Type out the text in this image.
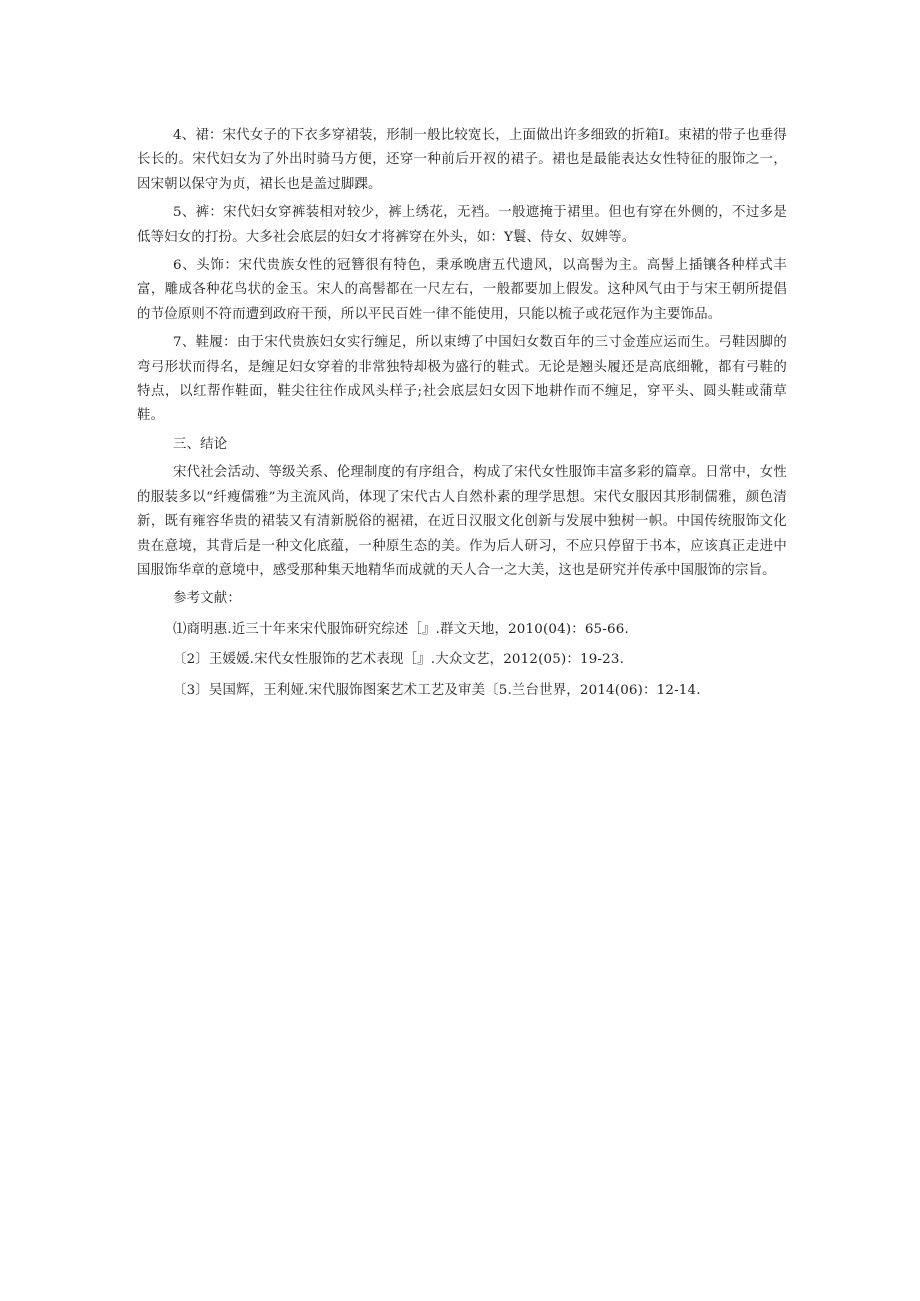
4、裙：宋代女子的下衣多穿裙装，形制一般比较宽长，上面做出许多细致的折箱Ⅰ。束裙的带子也垂得长长的。宋代妇女为了外出时骑马方便，还穿一种前后开衩的裙子。裙也是最能表达女性特征的服饰之一，因宋朝以保守为贞，裙长也是盖过脚踝。

5、裤：宋代妇女穿裤装相对较少，裤上绣花，无裆。一般遮掩于裙里。但也有穿在外侧的，不过多是低等妇女的打扮。大多社会底层的妇女才将裤穿在外头，如：Y鬟、侍女、奴婢等。

6、头饰：宋代贵族女性的冠簪很有特色，秉承晚唐五代遗风，以高髻为主。高髻上插镶各种样式丰富，雕成各种花鸟状的金玉。宋人的高髻都在一尺左右，一般都要加上假发。这种风气由于与宋王朝所提倡的节俭原则不符而遭到政府干预，所以平民百姓一律不能使用，只能以梳子或花冠作为主要饰品。

7、鞋履：由于宋代贵族妇女实行缠足，所以束缚了中国妇女数百年的三寸金莲应运而生。弓鞋因脚的弯弓形状而得名，是缠足妇女穿着的非常独特却极为盛行的鞋式。无论是翘头履还是高底细靴，都有弓鞋的特点，以红帮作鞋面，鞋尖往往作成风头样子;社会底层妇女因下地耕作而不缠足，穿平头、圆头鞋或蒲草鞋。

三、结论

宋代社会活动、等级关系、伦理制度的有序组合，构成了宋代女性服饰丰富多彩的篇章。日常中，女性的服装多以“纤瘦儒雅”为主流风尚，体现了宋代古人自然朴素的理学思想。宋代女服因其形制儒雅，颜色清新，既有雍容华贵的裙装又有清新脱俗的裾裙，在近日汉服文化创新与发展中独树一帜。中国传统服饰文化贵在意境，其背后是一种文化底蕴，一种原生态的美。作为后人研习，不应只停留于书本，应该真正走进中国服饰华章的意境中，感受那种集天地精华而成就的天人合一之大美，这也是研究并传承中国服饰的宗旨。

参考文献：

⑴商明惠.近三十年来宋代服饰研究综述［』.群文天地，2010(04)：65-66.

〔2〕王媛媛.宋代女性服饰的艺术表现［』.大众文艺，2012(05)：19-23.

〔3〕吴国辉，王利娅.宋代服饰图案艺术工艺及审美〔5.兰台世界，2014(06)：12-14.
